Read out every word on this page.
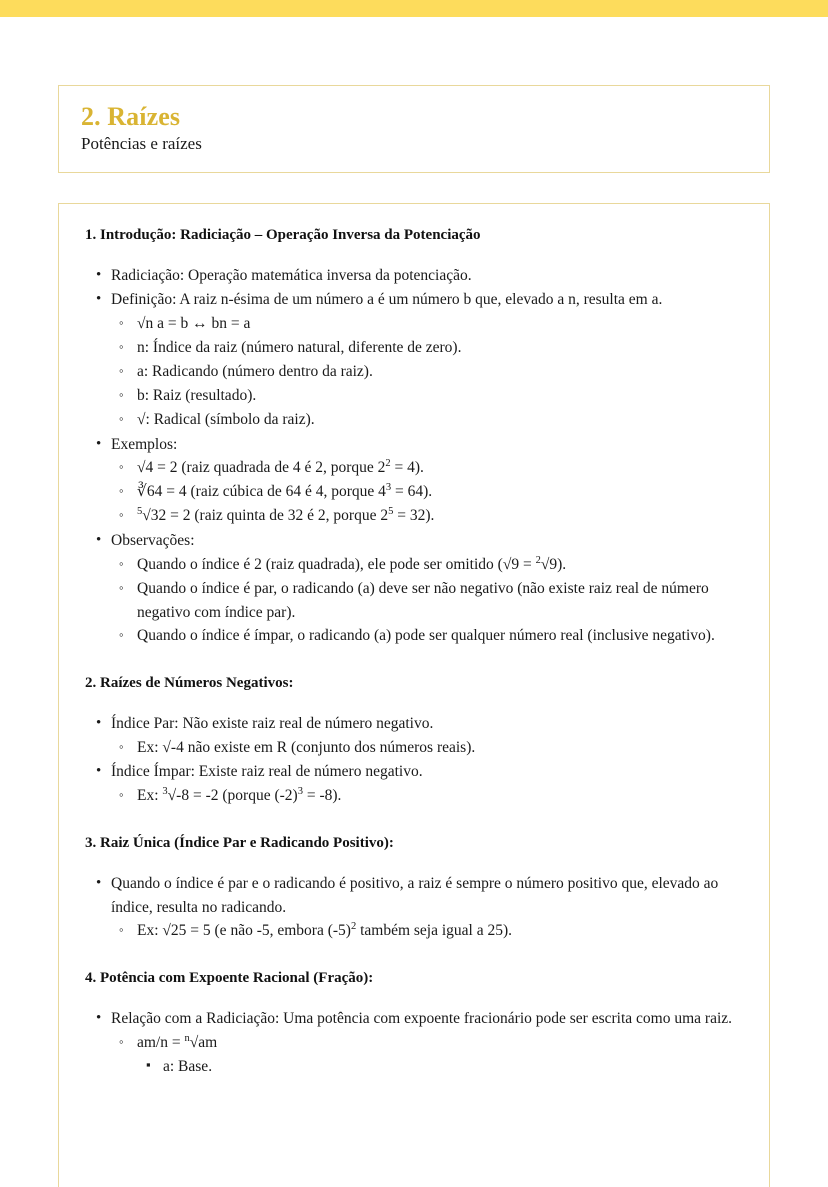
2. Raízes
Potências e raízes
1. Introdução: Radiciação – Operação Inversa da Potenciação
• Radiciação: Operação matemática inversa da potenciação.
• Definição: A raiz n-ésima de um número a é um número b que, elevado a n, resulta em a.
◦ √n a = b ↔ bn = a
◦ n: Índice da raiz (número natural, diferente de zero).
◦ a: Radicando (número dentro da raiz).
◦ b: Raiz (resultado).
◦ √: Radical (símbolo da raiz).
• Exemplos:
◦ √4 = 2 (raiz quadrada de 4 é 2, porque $2^2 = 4$).
◦ ∛64 = 4 (raiz cúbica de 64 é 4, porque $4^3 = 64$).
◦ $^5$√32 = 2 (raiz quinta de 32 é 2, porque $2^5 = 32$).
• Observações:
◦ Quando o índice é 2 (raiz quadrada), ele pode ser omitido (√9 = $^2$√9).
◦ Quando o índice é par, o radicando (a) deve ser não negativo (não existe raiz real de número negativo com índice par).
◦ Quando o índice é ímpar, o radicando (a) pode ser qualquer número real (inclusive negativo).
2. Raízes de Números Negativos:
• Índice Par: Não existe raiz real de número negativo.
◦ Ex: √-4 não existe em R (conjunto dos números reais).
• Índice Ímpar: Existe raiz real de número negativo.
◦ Ex: $^3$√-8 = -2 (porque $(-2)^3 = -8$).
3. Raiz Única (Índice Par e Radicando Positivo):
• Quando o índice é par e o radicando é positivo, a raiz é sempre o número positivo que, elevado ao índice, resulta no radicando.
◦ Ex: √25 = 5 (e não -5, embora $(-5)^2$ também seja igual a 25).
4. Potência com Expoente Racional (Fração):
• Relação com a Radiciação: Uma potência com expoente fracionário pode ser escrita como uma raiz.
◦ am/n = $^n$√am
▪ a: Base.
